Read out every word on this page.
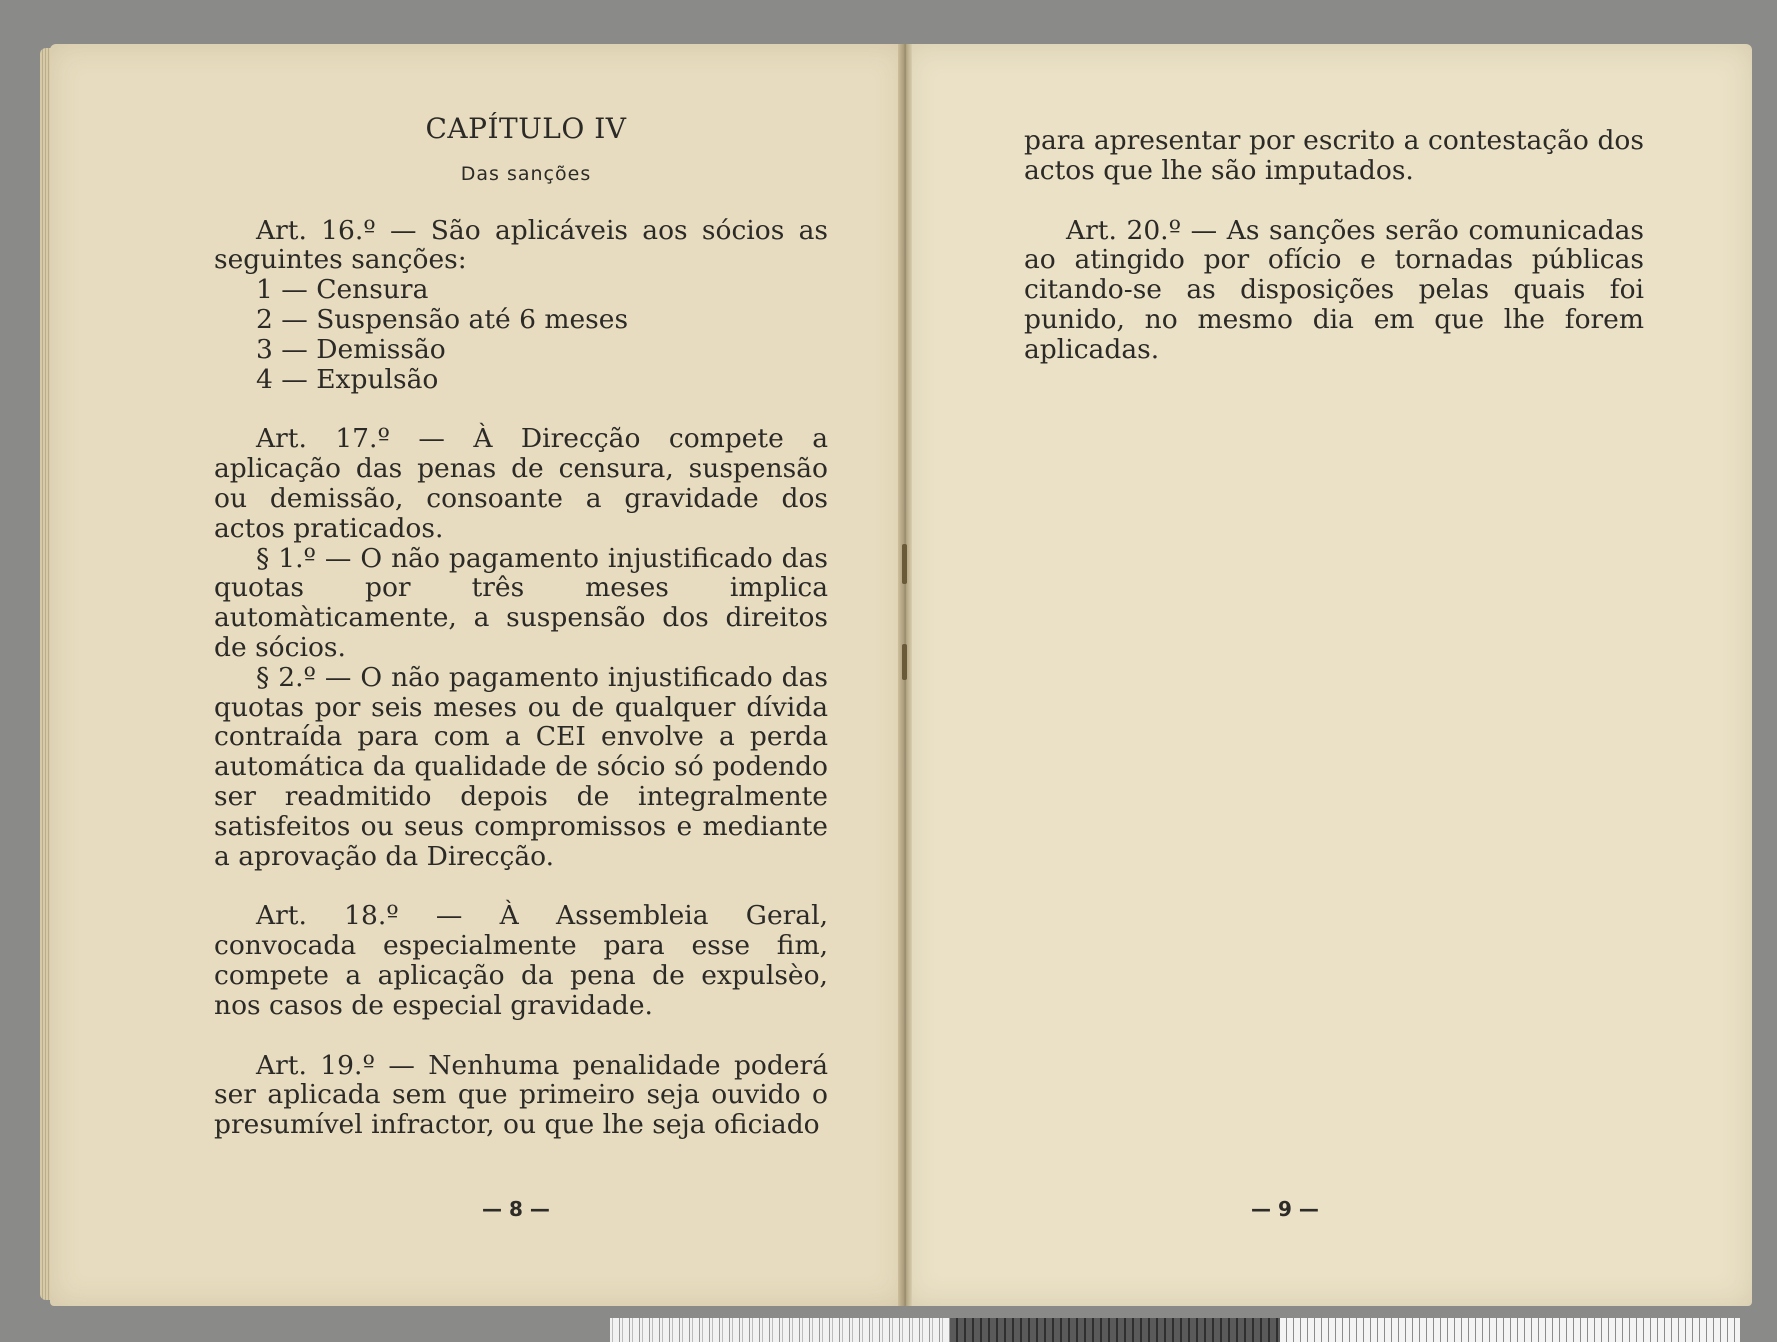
CAPÍTULO IV
Das sanções

Art. 16.º — São aplicáveis aos sócios as seguintes sanções:

1 — Censura

2 — Suspensão até 6 meses

3 — Demissão

4 — Expulsão

Art. 17.º — À Direcção compete a aplicação das penas de censura, suspensão ou demissão, consoante a gravidade dos actos praticados.

§ 1.º — O não pagamento injustificado das quotas por três meses implica automàticamente, a suspensão dos direitos de sócios.

§ 2.º — O não pagamento injustificado das quotas por seis meses ou de qualquer dívida contraída para com a CEI envolve a perda automática da qualidade de sócio só podendo ser readmitido depois de integralmente satisfeitos ou seus compromissos e mediante a aprovação da Direcção.

Art. 18.º — À Assembleia Geral, convocada especialmente para esse fim, compete a aplicação da pena de expulsèo, nos casos de especial gravidade.

Art. 19.º — Nenhuma penalidade poderá ser aplicada sem que primeiro seja ouvido o presumível infractor, ou que lhe seja oficiado

— 8 —

para apresentar por escrito a contestação dos actos que lhe são imputados.

Art. 20.º — As sanções serão comunicadas ao atingido por ofício e tornadas públicas citando-se as disposições pelas quais foi punido, no mesmo dia em que lhe forem aplicadas.

— 9 —
